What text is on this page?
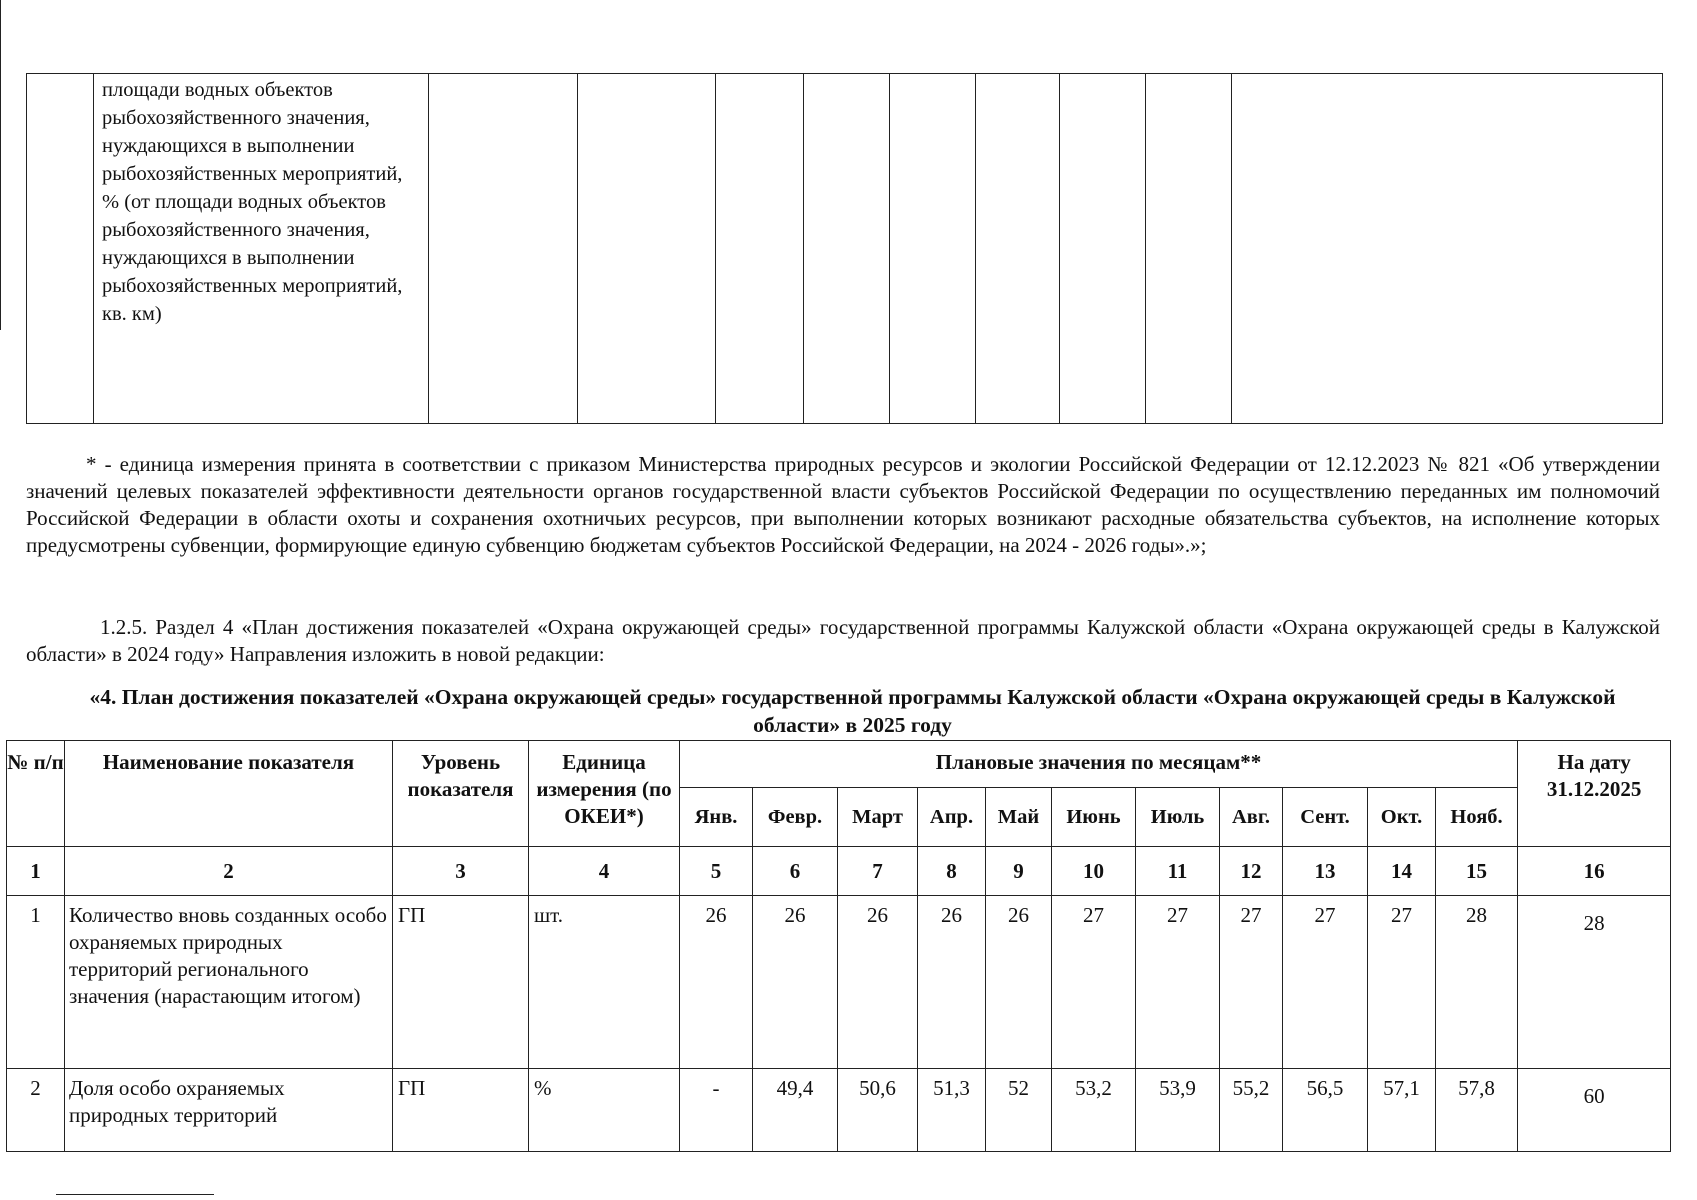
	площади водных объектов рыбохозяйственного значения, нуждающихся в выполнении рыбохозяйственных мероприятий, % (от площади водных объектов рыбохозяйственного значения, нуждающихся в выполнении рыбохозяйственных мероприятий, кв. км)									

* - единица измерения принята в соответствии с приказом Министерства природных ресурсов и экологии Российской Федерации от 12.12.2023 № 821 «Об утверждении значений целевых показателей эффективности деятельности органов государственной власти субъектов Российской Федерации по осуществлению переданных им полномочий Российской Федерации в области охоты и сохранения охотничьих ресурсов, при выполнении которых возникают расходные обязательства субъектов, на исполнение которых предусмотрены субвенции, формирующие единую субвенцию бюджетам субъектов Российской Федерации, на 2024 - 2026 годы».»;

1.2.5. Раздел 4 «План достижения показателей «Охрана окружающей среды» государственной программы Калужской области «Охрана окружающей среды в Калужской области» в 2024 году» Направления изложить в новой редакции:

«4. План достижения показателей «Охрана окружающей среды» государственной программы Калужской области «Охрана окружающей среды в Калужской области» в 2025 году

№ п/п	Наименование показателя	Уровень показателя	Единица измерения (по ОКЕИ*)	Плановые значения по месяцам**											На дату 31.12.2025
				Янв.	Февр.	Март	Апр.	Май	Июнь	Июль	Авг.	Сент.	Окт.	Нояб.	
1	2	3	4	5	6	7	8	9	10	11	12	13	14	15	16
1	Количество вновь созданных особо охраняемых природных территорий регионального значения (нарастающим итогом)	ГП	шт.	26	26	26	26	26	27	27	27	27	27	28	28
2	Доля особо охраняемых природных территорий	ГП	%	-	49,4	50,6	51,3	52	53,2	53,9	55,2	56,5	57,1	57,8	60
